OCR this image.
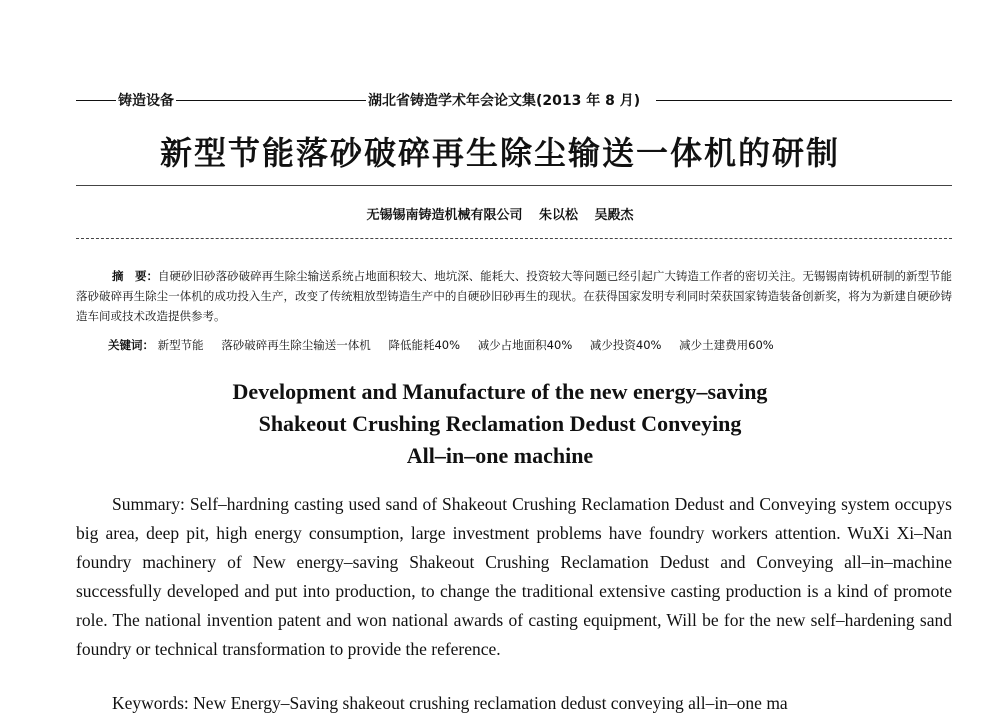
铸造设备	湖北省铸造学术年会论文集(2013 年 8 月)
新型节能落砂破碎再生除尘输送一体机的研制
无锡锡南铸造机械有限公司 朱以松 吴殿杰
摘　要：自硬砂旧砂落砂破碎再生除尘输送系统占地面积较大、地坑深、能耗大、投资较大等问题已经引起广大铸造工作者的密切关注。无锡锡南铸机研制的新型节能落砂破碎再生除尘一体机的成功投入生产，改变了传统粗放型铸造生产中的自硬砂旧砂再生的现状。在获得国家发明专利同时荣获国家铸造装备创新奖，将为为新建自硬砂铸造车间或技术改造提供参考。
关键词： 新型节能 落砂破碎再生除尘输送一体机 降低能耗40% 减少占地面积40% 减少投资40% 减少土建费用60%
Development and Manufacture of the new energy–saving
Shakeout Crushing Reclamation Dedust Conveying
All–in–one machine
Summary: Self–hardning casting used sand of Shakeout Crushing Reclamation Dedust and Conveying system occupys big area, deep pit, high energy consumption, large investment problems have foundry workers attention. WuXi Xi–Nan foundry machinery of New energy–saving Shakeout Crushing Reclamation Dedust and Conveying all–in–machine successfully developed and put into production, to change the traditional extensive casting production is a kind of promote role. The national invention patent and won national awards of casting equipment, Will be for the new self–hardening sand foundry or technical transformation to provide the reference.
Keywords: New Energy–Saving shakeout crushing reclamation dedust conveying all–in–one ma
